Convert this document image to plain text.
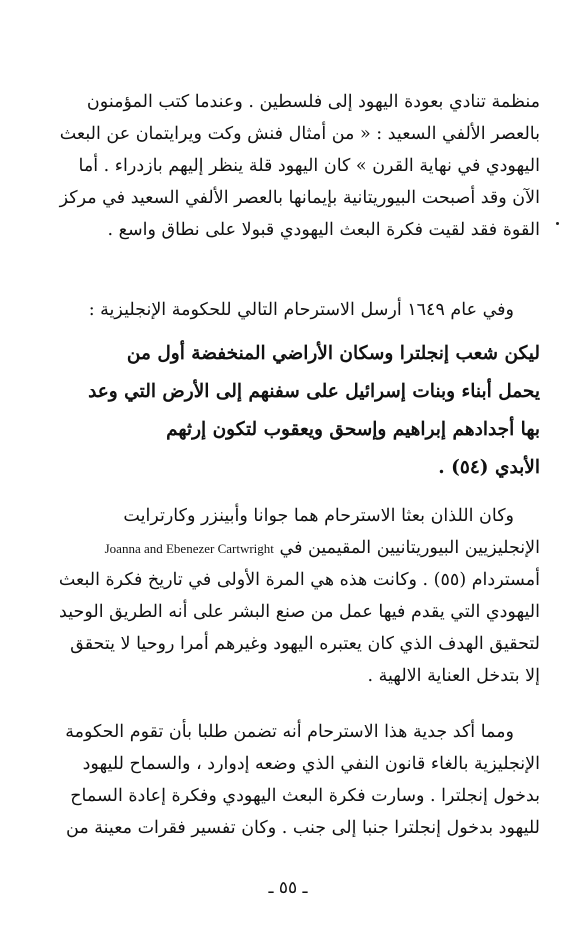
منظمة تنادي بعودة اليهود إلى فلسطين . وعندما كتب المؤمنون
بالعصر الألفي السعيد : « من أمثال فنش وكت ويرايتمان عن البعث
اليهودي في نهاية القرن » كان اليهود قلة ينظر إليهم بازدراء . أما
الآن وقد أصبحت البيوريتانية بإيمانها بالعصر الألفي السعيد في مركز
القوة فقد لقيت فكرة البعث اليهودي قبولا على نطاق واسع .
وفي عام ١٦٤٩ أرسل الاسترحام التالي للحكومة الإنجليزية :
ليكن شعب إنجلترا وسكان الأراضي المنخفضة أول من
يحمل أبناء وبنات إسرائيل على سفنهم إلى الأرض التي وعد
بها أجدادهم إبراهيم وإسحق ويعقوب لتكون إرثهم
الأبدي (٥٤) .
وكان اللذان بعثا الاسترحام هما جوانا وأبينزر وكارترايت
الإنجليزيين البيوريتانيين المقيمين في Joanna and Ebenezer Cartwright
أمستردام (٥٥) . وكانت هذه هي المرة الأولى في تاريخ فكرة البعث
اليهودي التي يقدم فيها عمل من صنع البشر على أنه الطريق الوحيد
لتحقيق الهدف الذي كان يعتبره اليهود وغيرهم أمرا روحيا لا يتحقق
إلا بتدخل العناية الالهية .
ومما أكد جدية هذا الاسترحام أنه تضمن طلبا بأن تقوم الحكومة
الإنجليزية بالغاء قانون النفي الذي وضعه إدوارد ، والسماح لليهود
بدخول إنجلترا . وسارت فكرة البعث اليهودي وفكرة إعادة السماح
لليهود بدخول إنجلترا جنبا إلى جنب . وكان تفسير فقرات معينة من
ـ ٥٥ ـ
